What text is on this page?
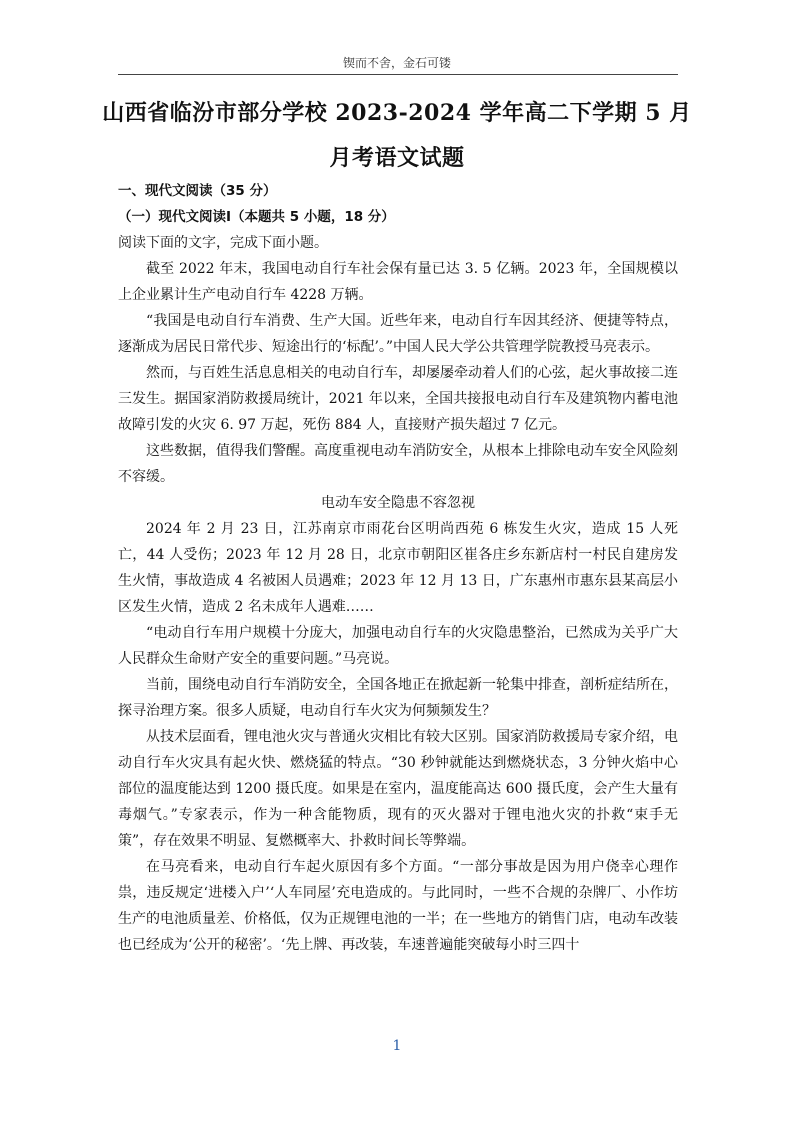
锲而不舍，金石可镂
山西省临汾市部分学校 2023-2024 学年高二下学期 5 月
月考语文试题

一、现代文阅读（35 分）

（一）现代文阅读Ⅰ（本题共 5 小题，18 分）

阅读下面的文字，完成下面小题。

截至 2022 年末，我国电动自行车社会保有量已达 3. 5 亿辆。2023 年，全国规模以上企业累计生产电动自行车 4228 万辆。

“我国是电动自行车消费、生产大国。近些年来，电动自行车因其经济、便捷等特点，逐渐成为居民日常代步、短途出行的‘标配’。”中国人民大学公共管理学院教授马亮表示。

然而，与百姓生活息息相关的电动自行车，却屡屡牵动着人们的心弦，起火事故接二连三发生。据国家消防救援局统计，2021 年以来，全国共接报电动自行车及建筑物内蓄电池故障引发的火灾 6. 97 万起，死伤 884 人，直接财产损失超过 7 亿元。

这些数据，值得我们警醒。高度重视电动车消防安全，从根本上排除电动车安全风险刻不容缓。

电动车安全隐患不容忽视

2024 年 2 月 23 日，江苏南京市雨花台区明尚西苑 6 栋发生火灾，造成 15 人死亡，44 人受伤；2023 年 12 月 28 日，北京市朝阳区崔各庄乡东新店村一村民自建房发生火情，事故造成 4 名被困人员遇难；2023 年 12 月 13 日，广东惠州市惠东县某高层小区发生火情，造成 2 名未成年人遇难……

“电动自行车用户规模十分庞大，加强电动自行车的火灾隐患整治，已然成为关乎广大人民群众生命财产安全的重要问题。”马亮说。

当前，围绕电动自行车消防安全，全国各地正在掀起新一轮集中排查，剖析症结所在，探寻治理方案。很多人质疑，电动自行车火灾为何频频发生？

从技术层面看，锂电池火灾与普通火灾相比有较大区别。国家消防救援局专家介绍，电动自行车火灾具有起火快、燃烧猛的特点。“30 秒钟就能达到燃烧状态，3 分钟火焰中心部位的温度能达到 1200 摄氏度。如果是在室内，温度能高达 600 摄氏度，会产生大量有毒烟气。”专家表示，作为一种含能物质，现有的灭火器对于锂电池火灾的扑救“束手无策”，存在效果不明显、复燃概率大、扑救时间长等弊端。

在马亮看来，电动自行车起火原因有多个方面。“一部分事故是因为用户侥幸心理作祟，违反规定‘进楼入户’‘人车同屋’充电造成的。与此同时，一些不合规的杂牌厂、小作坊生产的电池质量差、价格低，仅为正规锂电池的一半；在一些地方的销售门店，电动车改装也已经成为‘公开的秘密’。‘先上牌、再改装，车速普遍能突破每小时三四十

1
